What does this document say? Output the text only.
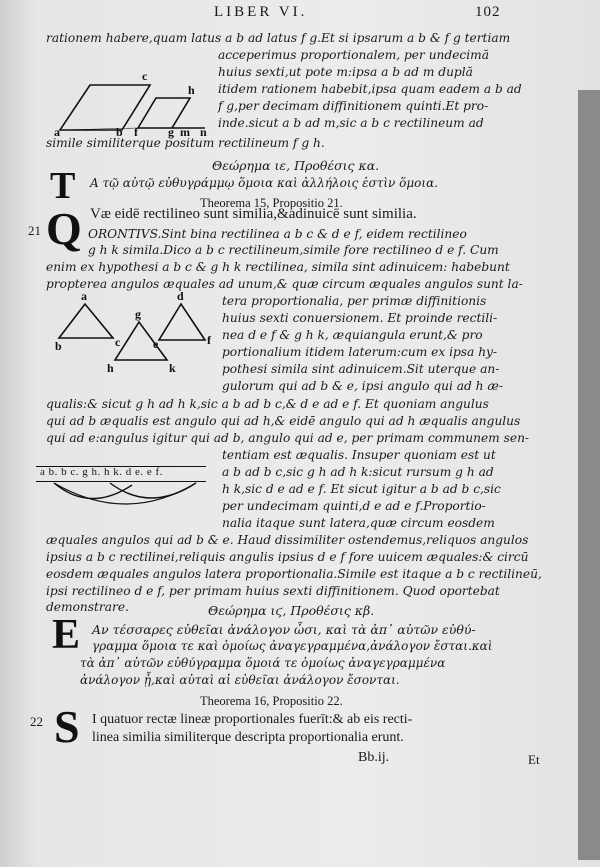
LIBER VI.	102
rationem habere,quam latus a b ad latus f g.Et si ipsarum a b & f g tertiam
acceperimus proportionalem, per undecimă
huius sexti,ut pote m:ipsa a b ad m duplă
itidem rationem habebit,ipsa quam eadem a b ad
f g,per decimam diffinitionem quinti.Et pro-
inde.sicut a b ad m,sic a b c rectilineum ad
simile similiterque positum rectilineum f g h.
c
h
a	b f	g m n
Θεώρημα ιε, Προθέσις κα.
T Α τῷ αὐτῷ εὐθυγράμμῳ ὅμοια καὶ ἀλλήλοις ἐστὶν ὅμοια.
Theorema 15, Propositio 21.
21 Q Væ eidē rectilineo sunt similia,&adinuicē sunt similia.
ORONTIVS.Sint bina rectilinea a b c & d e f, eidem rectilineo
g h k simila.Dico a b c rectilineum,simile fore rectilineo d e f. Cum
enim ex hypothesi a b c & g h k rectilinea, simila sint adinuicem: habebunt
propterea angulos æquales ad unum,& quæ circum æquales angulos sunt la-
tera proportionalia, per primæ diffinitionis
huius sexti conuersionem. Et proinde rectili-
nea d e f & g h k, æquiangula erunt,& pro
portionalium itidem laterum:cum ex ipsa hy-
pothesi simila sint adinuicem.Sit uterque an-
gulorum qui ad b & e, ipsi angulo qui ad h æ-
qualis:& sicut g h ad h k,sic a b ad b c,& d e ad e f. Et quoniam angulus
qui ad b æqualis est angulo qui ad h,& eidē angulo qui ad h æqualis angulus
qui ad e:angulus igitur qui ad b, angulo qui ad e, per primam communem sen-
tentiam est æqualis. Insuper quoniam est ut
a b ad b c,sic g h ad h k:sicut rursum g h ad
h k,sic d e ad e f. Et sicut igitur a b ad b c,sic
per undecimam quinti,d e ad e f.Proportio-
nalia itaque sunt latera,quæ circum eosdem
æquales angulos qui ad b & e. Haud dissimiliter ostendemus,reliquos angulos
ipsius a b c rectilinei,reliquis angulis ipsius d e f fore uuicem æquales:& circū
eosdem æquales angulos latera proportionalia.Simile est itaque a b c rectilineū,
ipsi rectilineo d e f, per primam huius sexti diffinitionem. Quod oportebat
demonstrare.
a	d
g
b	c	e	f
h	k
a b. b c. g h. h k. d e. e f.
Θεώρημα ιϛ, Προθέσις κβ.
E Αν τέσσαρες εὐθεῖαι ἀνάλογον ὦσι, καὶ τὰ ἀπ᾽ αὐτῶν εὐθύ-
γραμμα ὅμοια τε καὶ ὁμοίως ἀναγεγραμμένα,ἀνάλογον ἔσται.καὶ
τὰ ἀπ᾽ αὐτῶν εὐθύγραμμα ὅμοιά τε ὁμοίως ἀναγεγραμμένα
ἀνάλογον ᾖ,καὶ αὐταὶ αἱ εὐθεῖαι ἀνάλογον ἔσονται.
Theorema 16, Propositio 22.
22 S I quatuor rectæ lineæ proportionales fuerīt:& ab eis recti-
linea similia similiterque descripta proportionalia erunt.
Bb.ij.	Et
